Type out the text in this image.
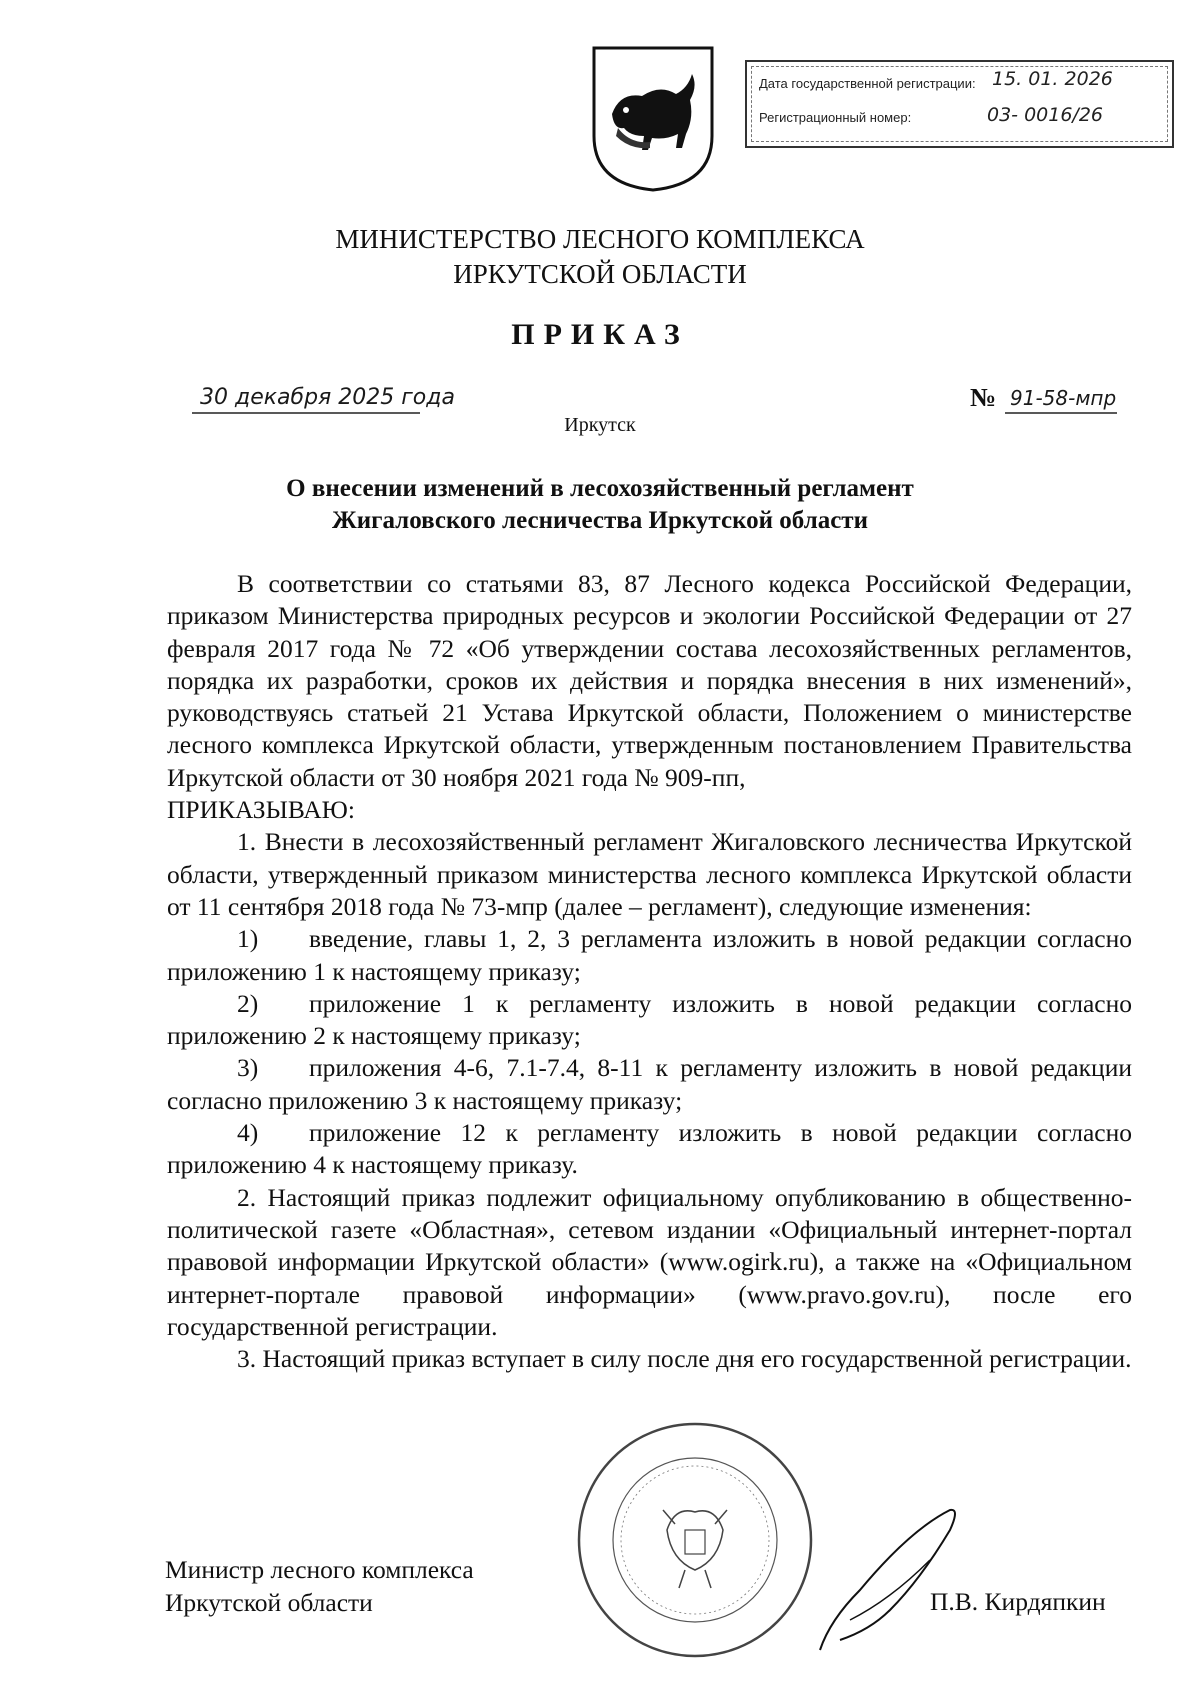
Дата государственной регистрации: 15. 01. 2026
Регистрационный номер:	03- 0016/26
МИНИСТЕРСТВО ЛЕСНОГО КОМПЛЕКСА
ИРКУТСКОЙ ОБЛАСТИ
ПРИКАЗ
30 декабря 2025 года	№ 91-58-мпр
Иркутск
О внесении изменений в лесохозяйственный регламент
Жигаловского лесничества Иркутской области

В соответствии со статьями 83, 87 Лесного кодекса Российской Федерации, приказом Министерства природных ресурсов и экологии Российской Федерации от 27 февраля 2017 года № 72 «Об утверждении состава лесохозяйственных регламентов, порядка их разработки, сроков их действия и порядка внесения в них изменений», руководствуясь статьей 21 Устава Иркутской области, Положением о министерстве лесного комплекса Иркутской области, утвержденным постановлением Правительства Иркутской области от 30 ноября 2021 года № 909-пп,

ПРИКАЗЫВАЮ:

1. Внести в лесохозяйственный регламент Жигаловского лесничества Иркутской области, утвержденный приказом министерства лесного комплекса Иркутской области от 11 сентября 2018 года № 73-мпр (далее – регламент), следующие изменения:

1) введение, главы 1, 2, 3 регламента изложить в новой редакции согласно приложению 1 к настоящему приказу;

2) приложение 1 к регламенту изложить в новой редакции согласно приложению 2 к настоящему приказу;

3) приложения 4-6, 7.1-7.4, 8-11 к регламенту изложить в новой редакции согласно приложению 3 к настоящему приказу;

4) приложение 12 к регламенту изложить в новой редакции согласно приложению 4 к настоящему приказу.

2. Настоящий приказ подлежит официальному опубликованию в общественно-политической газете «Областная», сетевом издании «Официальный интернет-портал правовой информации Иркутской области» (www.ogirk.ru), а также на «Официальном интернет-портале правовой информации» (www.pravo.gov.ru), после его государственной регистрации.

3. Настоящий приказ вступает в силу после дня его государственной регистрации.

Министр лесного комплекса
Иркутской области	П.В. Кирдяпкин
